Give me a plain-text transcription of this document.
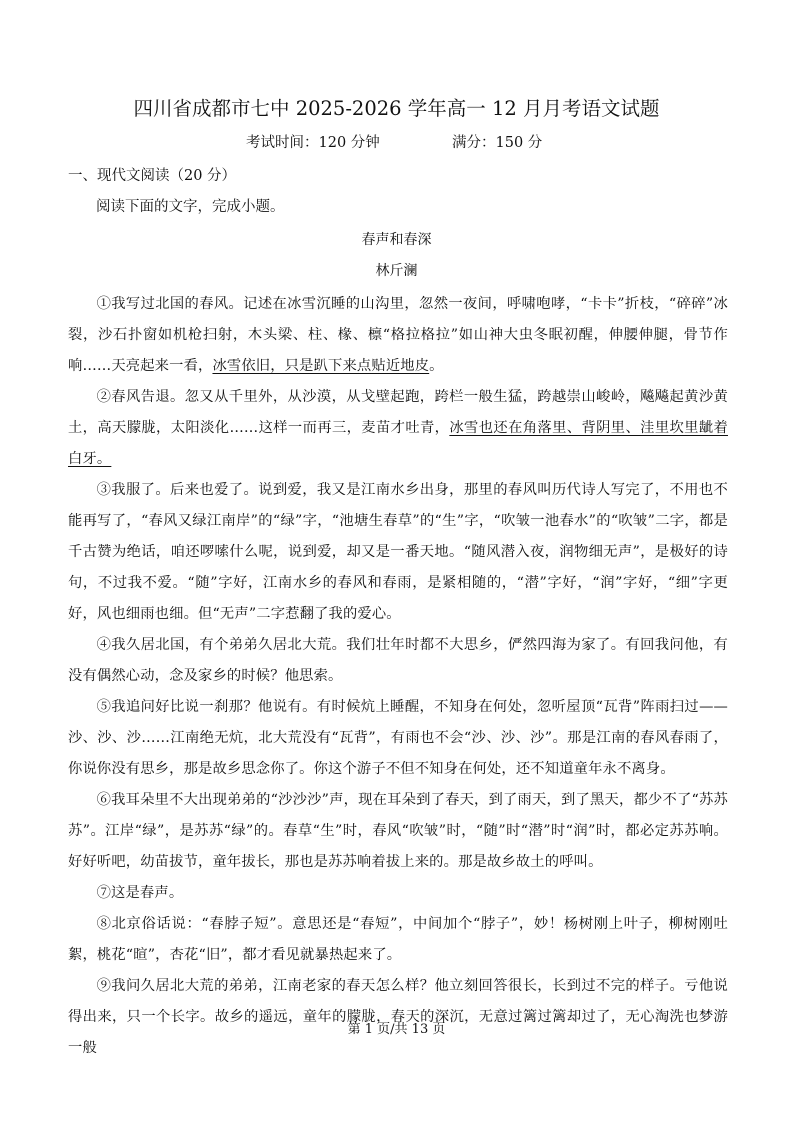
四川省成都市七中 2025-2026 学年高一 12 月月考语文试题
考试时间：120 分钟	满分：150 分
一、现代文阅读（20 分）
阅读下面的文字，完成小题。
春声和春深
林斤澜

①我写过北国的春风。记述在冰雪沉睡的山沟里，忽然一夜间，呼啸咆哮，“卡卡”折枝，“碎碎”冰裂，沙石扑窗如机枪扫射，木头梁、柱、椽、檩“格拉格拉”如山神大虫冬眠初醒，伸腰伸腿，骨节作响……天亮起来一看，冰雪依旧，只是趴下来点贴近地皮。

②春风告退。忽又从千里外，从沙漠，从戈壁起跑，跨栏一般生猛，跨越崇山峻岭，飚飚起黄沙黄土，高天朦胧，太阳淡化……这样一而再三，麦苗才吐青，冰雪也还在角落里、背阴里、洼里坎里龇着白牙。

③我服了。后来也爱了。说到爱，我又是江南水乡出身，那里的春风叫历代诗人写完了，不用也不能再写了，“春风又绿江南岸”的“绿”字，“池塘生春草”的“生”字，“吹皱一池春水”的“吹皱”二字，都是千古赞为绝话，咱还啰嗦什么呢，说到爱，却又是一番天地。“随风潜入夜，润物细无声”，是极好的诗句，不过我不爱。“随”字好，江南水乡的春风和春雨，是紧相随的，“潜”字好，“润”字好，“细”字更好，风也细雨也细。但“无声”二字惹翻了我的爱心。

④我久居北国，有个弟弟久居北大荒。我们壮年时都不大思乡，俨然四海为家了。有回我问他，有没有偶然心动，念及家乡的时候？他思索。

⑤我追问好比说一刹那？他说有。有时候炕上睡醒，不知身在何处，忽听屋顶“瓦背”阵雨扫过——沙、沙、沙……江南绝无炕，北大荒没有“瓦背”，有雨也不会“沙、沙、沙”。那是江南的春风春雨了，你说你没有思乡，那是故乡思念你了。你这个游子不但不知身在何处，还不知道童年永不离身。

⑥我耳朵里不大出现弟弟的“沙沙沙”声，现在耳朵到了春天，到了雨天，到了黑天，都少不了“苏苏苏”。江岸“绿”，是苏苏“绿”的。春草“生”时，春风“吹皱”时，“随”时“潜”时“润”时，都必定苏苏响。好好听吧，幼苗拔节，童年拔长，那也是苏苏响着拔上来的。那是故乡故土的呼叫。

⑦这是春声。

⑧北京俗话说：“春脖子短”。意思还是“春短”，中间加个“脖子”，妙！杨树刚上叶子，柳树刚吐絮，桃花“暄”，杏花“旧”，都才看见就暴热起来了。

⑨我问久居北大荒的弟弟，江南老家的春天怎么样？他立刻回答很长，长到过不完的样子。亏他说得出来，只一个长字。故乡的遥远，童年的朦胧，春天的深沉，无意过篱过篱却过了，无心淘洗也梦游一般

第 1 页/共 13 页
